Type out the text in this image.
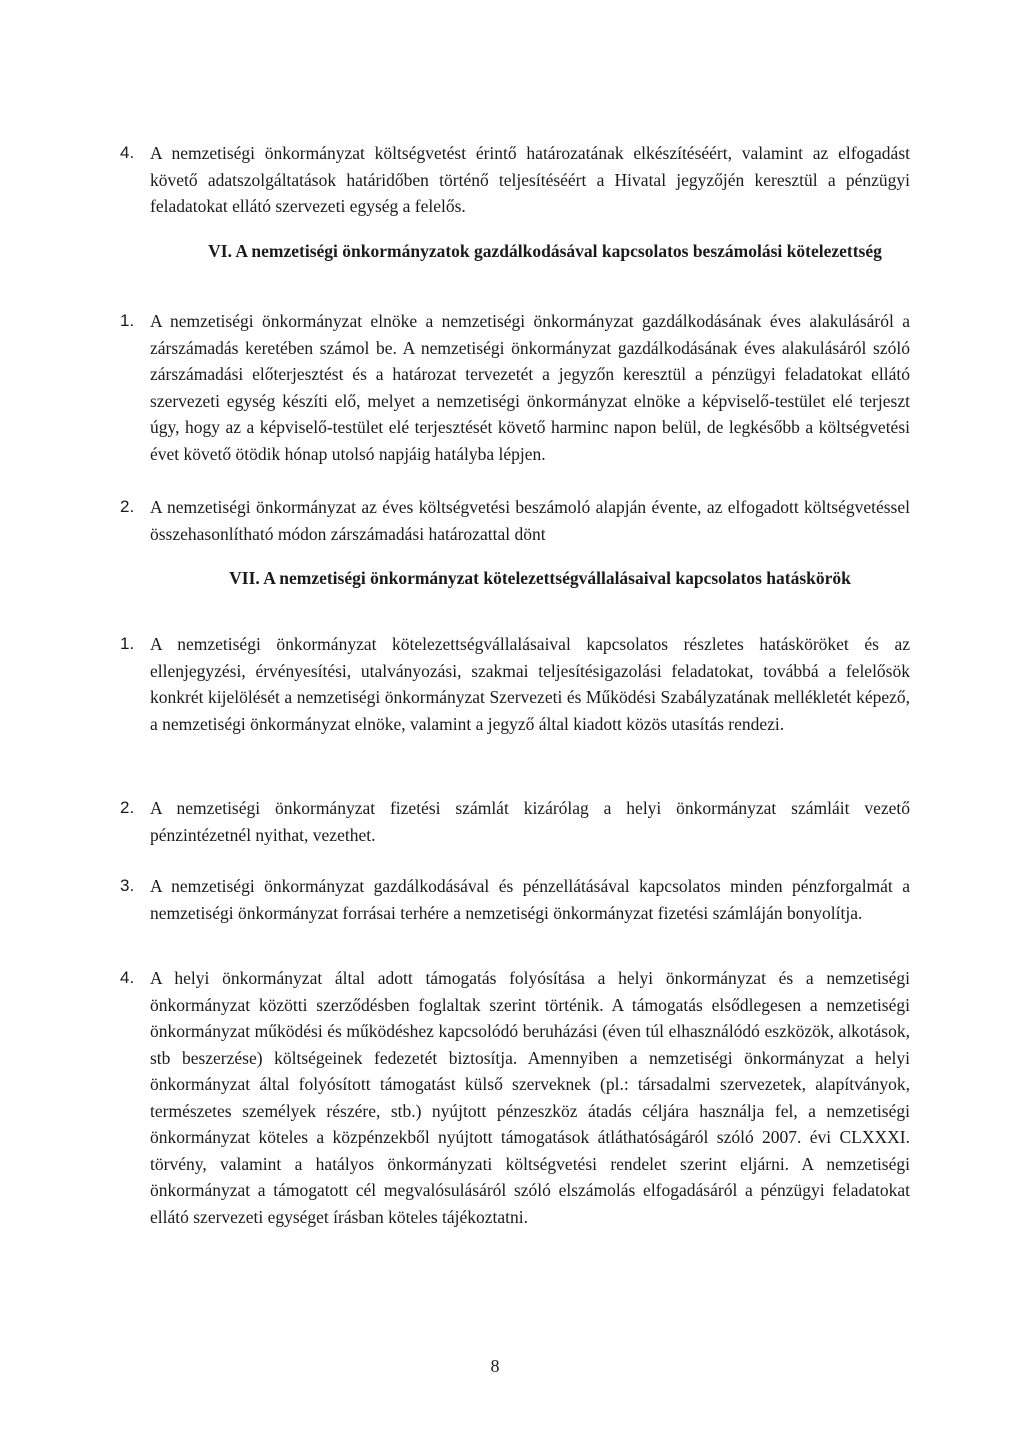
4. A nemzetiségi önkormányzat költségvetést érintő határozatának elkészítéséért, valamint az elfogadást követő adatszolgáltatások határidőben történő teljesítéséért a Hivatal jegyzőjén keresztül a pénzügyi feladatokat ellátó szervezeti egység a felelős.
VI. A nemzetiségi önkormányzatok gazdálkodásával kapcsolatos beszámolási kötelezettség
1. A nemzetiségi önkormányzat elnöke a nemzetiségi önkormányzat gazdálkodásának éves alakulásáról a zárszámadás keretében számol be. A nemzetiségi önkormányzat gazdálkodásának éves alakulásáról szóló zárszámadási előterjesztést és a határozat tervezetét a jegyzőn keresztül a pénzügyi feladatokat ellátó szervezeti egység készíti elő, melyet a nemzetiségi önkormányzat elnöke a képviselő-testület elé terjeszt úgy, hogy az a képviselő-testület elé terjesztését követő harminc napon belül, de legkésőbb a költségvetési évet követő ötödik hónap utolsó napjáig hatályba lépjen.
2. A nemzetiségi önkormányzat az éves költségvetési beszámoló alapján évente, az elfogadott költségvetéssel összehasonlítható módon zárszámadási határozattal dönt
VII. A nemzetiségi önkormányzat kötelezettségvállalásaival kapcsolatos hatáskörök
1. A nemzetiségi önkormányzat kötelezettségvállalásaival kapcsolatos részletes hatásköröket és az ellenjegyzési, érvényesítési, utalványozási, szakmai teljesítésigazolási feladatokat, továbbá a felelősök konkrét kijelölését a nemzetiségi önkormányzat Szervezeti és Működési Szabályzatának mellékletét képező, a nemzetiségi önkormányzat elnöke, valamint a jegyző által kiadott közös utasítás rendezi.
2. A nemzetiségi önkormányzat fizetési számlát kizárólag a helyi önkormányzat számláit vezető pénzintézetnél nyithat, vezethet.
3. A nemzetiségi önkormányzat gazdálkodásával és pénzellátásával kapcsolatos minden pénzforgalmát a nemzetiségi önkormányzat forrásai terhére a nemzetiségi önkormányzat fizetési számláján bonyolítja.
4. A helyi önkormányzat által adott támogatás folyósítása a helyi önkormányzat és a nemzetiségi önkormányzat közötti szerződésben foglaltak szerint történik. A támogatás elsődlegesen a nemzetiségi önkormányzat működési és működéshez kapcsolódó beruházási (éven túl elhasználódó eszközök, alkotások, stb beszerzése) költségeinek fedezetét biztosítja. Amennyiben a nemzetiségi önkormányzat a helyi önkormányzat által folyósított támogatást külső szerveknek (pl.: társadalmi szervezetek, alapítványok, természetes személyek részére, stb.) nyújtott pénzeszköz átadás céljára használja fel, a nemzetiségi önkormányzat köteles a közpénzekből nyújtott támogatások átláthatóságáról szóló 2007. évi CLXXXI. törvény, valamint a hatályos önkormányzati költségvetési rendelet szerint eljárni. A nemzetiségi önkormányzat a támogatott cél megvalósulásáról szóló elszámolás elfogadásáról a pénzügyi feladatokat ellátó szervezeti egységet írásban köteles tájékoztatni.
8
